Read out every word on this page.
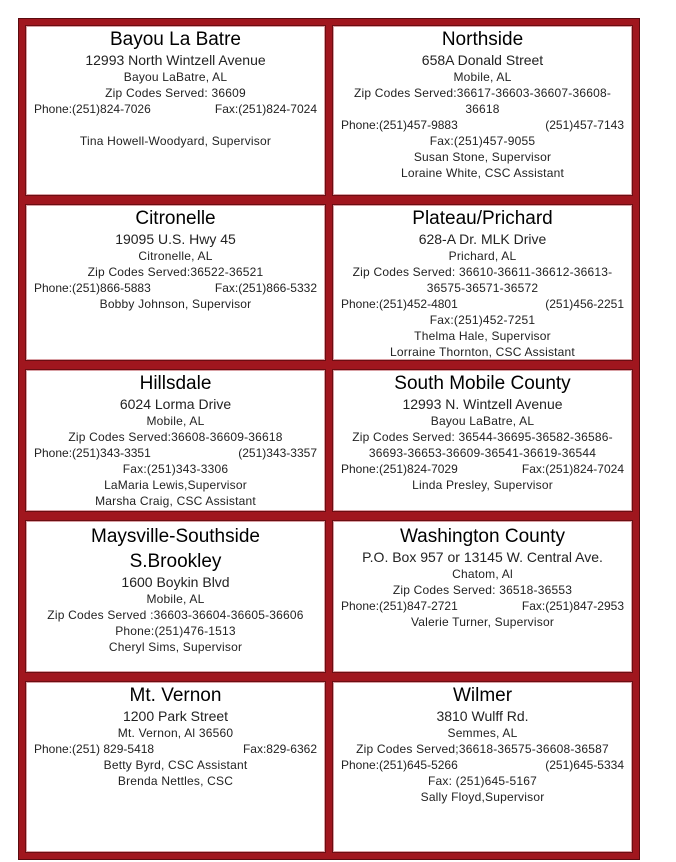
Bayou La Batre
12993 North Wintzell Avenue
Bayou LaBatre, AL
Zip Codes Served: 36609
Phone:(251)824-7026	Fax:(251)824-7024
Tina Howell-Woodyard, Supervisor
Northside
658A Donald Street
Mobile, AL
Zip Codes Served:36617-36603-36607-36608-36618
Phone:(251)457-9883	(251)457-7143
Fax:(251)457-9055
Susan Stone, Supervisor
Loraine White, CSC Assistant
Citronelle
19095 U.S. Hwy 45
Citronelle, AL
Zip Codes Served:36522-36521
Phone:(251)866-5883	Fax:(251)866-5332
Bobby Johnson, Supervisor
Plateau/Prichard
628-A Dr. MLK Drive
Prichard, AL
Zip Codes Served: 36610-36611-36612-36613-36575-36571-36572
Phone:(251)452-4801	(251)456-2251
Fax:(251)452-7251
Thelma Hale, Supervisor
Lorraine Thornton, CSC Assistant
Hillsdale
6024 Lorma Drive
Mobile, AL
Zip Codes Served:36608-36609-36618
Phone:(251)343-3351	(251)343-3357
Fax:(251)343-3306
LaMaria Lewis,Supervisor
Marsha Craig, CSC Assistant
South Mobile County
12993 N. Wintzell Avenue
Bayou LaBatre, AL
Zip Codes Served: 36544-36695-36582-36586-36693-36653-36609-36541-36619-36544
Phone:(251)824-7029	Fax:(251)824-7024
Linda Presley, Supervisor
Maysville-Southside
S.Brookley
1600 Boykin Blvd
Mobile, AL
Zip Codes Served :36603-36604-36605-36606
Phone:(251)476-1513
Cheryl Sims, Supervisor
Washington County
P.O. Box 957 or 13145 W. Central Ave.
Chatom, Al
Zip Codes Served: 36518-36553
Phone:(251)847-2721	Fax:(251)847-2953
Valerie Turner, Supervisor
Mt. Vernon
1200 Park Street
Mt. Vernon, Al 36560
Phone:(251) 829-5418	Fax:829-6362
Betty Byrd, CSC Assistant
Brenda Nettles, CSC
Wilmer
3810 Wulff Rd.
Semmes, AL
Zip Codes Served;36618-36575-36608-36587
Phone:(251)645-5266	(251)645-5334
Fax: (251)645-5167
Sally Floyd,Supervisor
